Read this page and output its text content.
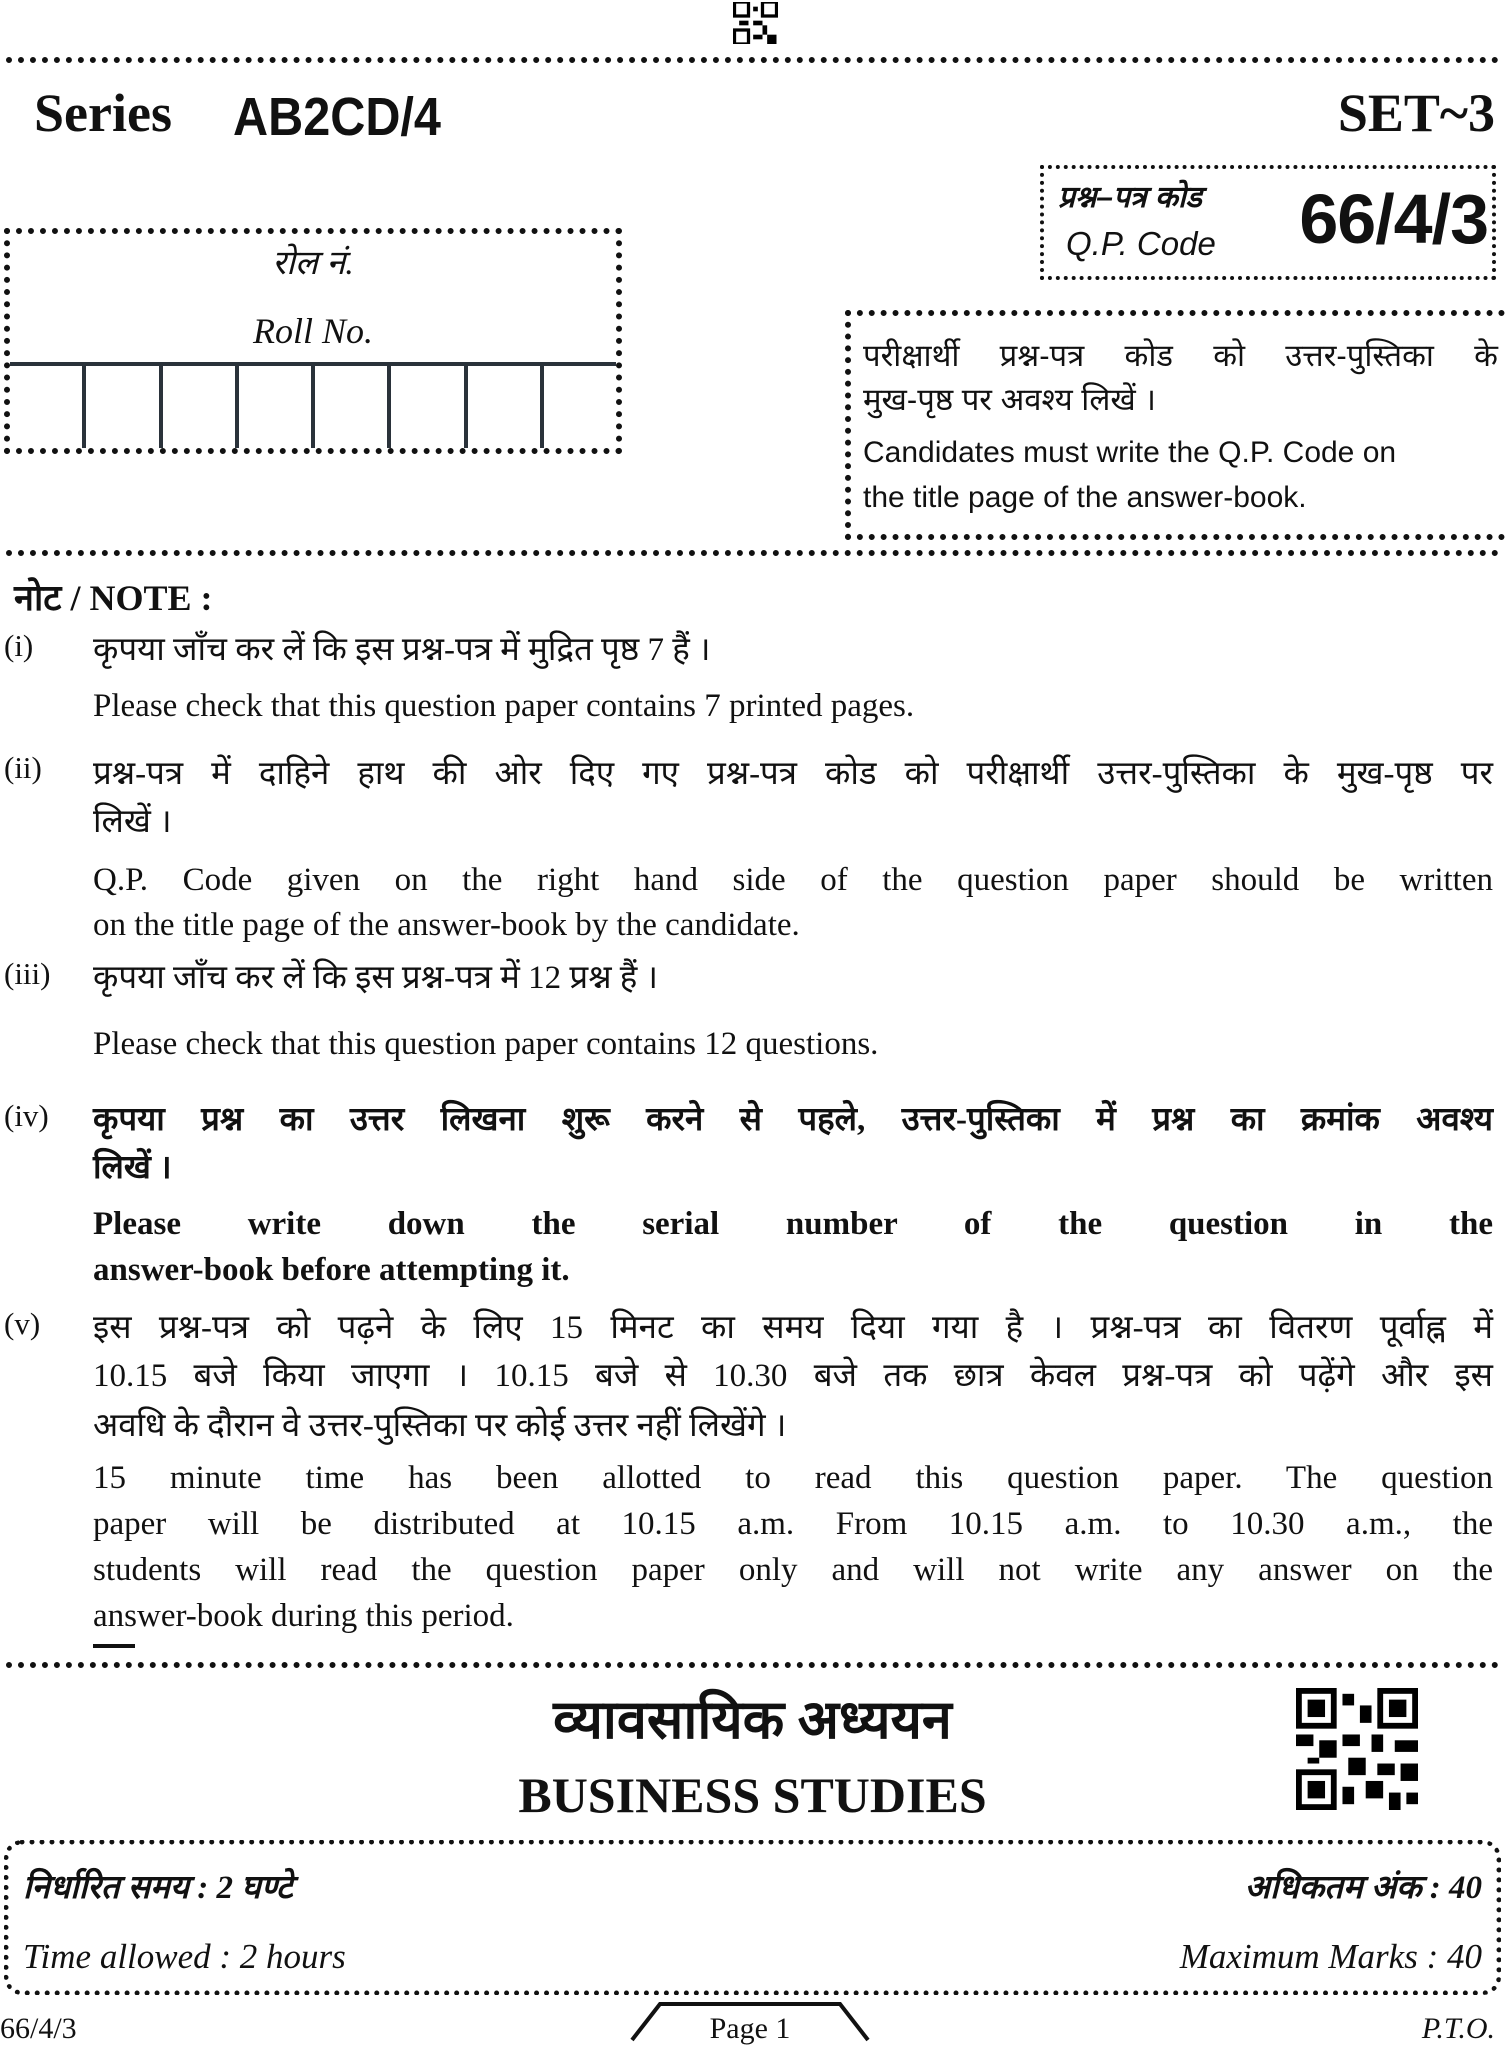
Series AB2CD/4	SET~3
रोल नं.
Roll No.
प्रश्न–पत्र कोड
Q.P. Code 66/4/3
परीक्षार्थी प्रश्न-पत्र कोड को उत्तर-पुस्तिका के
मुख-पृष्ठ पर अवश्य लिखें ।
Candidates must write the Q.P. Code on
the title page of the answer-book.
नोट / NOTE :
(i) कृपया जाँच कर लें कि इस प्रश्न-पत्र में मुद्रित पृष्ठ 7 हैं ।
Please check that this question paper contains 7 printed pages.
(ii) प्रश्न-पत्र में दाहिने हाथ की ओर दिए गए प्रश्न-पत्र कोड को परीक्षार्थी उत्तर-पुस्तिका के मुख-पृष्ठ पर
लिखें ।
Q.P. Code given on the right hand side of the question paper should be written
on the title page of the answer-book by the candidate.
(iii) कृपया जाँच कर लें कि इस प्रश्न-पत्र में 12 प्रश्न हैं ।
Please check that this question paper contains 12 questions.
(iv) कृपया प्रश्न का उत्तर लिखना शुरू करने से पहले, उत्तर-पुस्तिका में प्रश्न का क्रमांक अवश्य
लिखें ।
Please write down the serial number of the question in the
answer-book before attempting it.
(v) इस प्रश्न-पत्र को पढ़ने के लिए 15 मिनट का समय दिया गया है । प्रश्न-पत्र का वितरण पूर्वाह्न में
10.15 बजे किया जाएगा । 10.15 बजे से 10.30 बजे तक छात्र केवल प्रश्न-पत्र को पढ़ेंगे और इस
अवधि के दौरान वे उत्तर-पुस्तिका पर कोई उत्तर नहीं लिखेंगे ।
15 minute time has been allotted to read this question paper. The question
paper will be distributed at 10.15 a.m. From 10.15 a.m. to 10.30 a.m., the
students will read the question paper only and will not write any answer on the
answer-book during this period.
व्यावसायिक अध्ययन
BUSINESS STUDIES
निर्धारित समय : 2 घण्टे	अधिकतम अंक : 40
Time allowed : 2 hours	Maximum Marks : 40
66/4/3	Page 1	P.T.O.
